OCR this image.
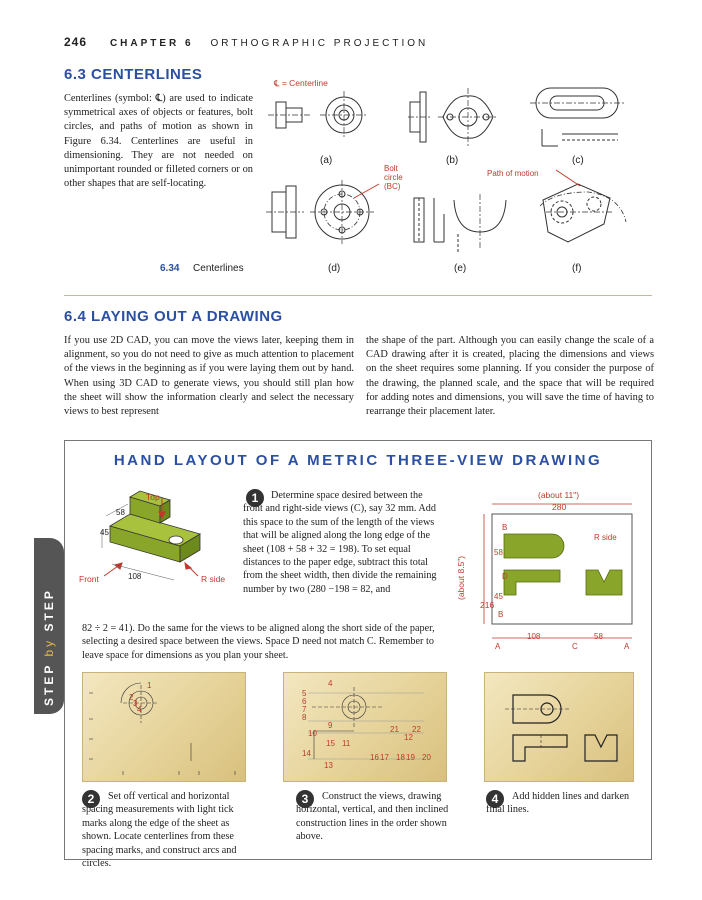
246 CHAPTER 6 ORTHOGRAPHIC PROJECTION
6.3 CENTERLINES
Centerlines (symbol: ℄) are used to indicate symmetrical axes of objects or features, bolt circles, and paths of motion as shown in Figure 6.34. Centerlines are useful in dimensioning. They are not needed on unimportant rounded or filleted corners or on other shapes that are self-locating.
℄ = Centerline
(a)	(b)	(c)
(d)	(e)	(f)
Bolt
circle
(BC)
Path of motion
6.34 Centerlines
6.4 LAYING OUT A DRAWING
If you use 2D CAD, you can move the views later, keeping them in alignment, so you do not need to give as much attention to placement of the views in the beginning as if you were laying them out by hand. When using 3D CAD to generate views, you should still plan how the sheet will show the information clearly and select the necessary views to best represent
the shape of the part. Although you can easily change the scale of a CAD drawing after it is created, placing the dimensions and views on the sheet requires some planning. If you consider the purpose of the drawing, the planned scale, and the space that will be required for adding notes and dimensions, you will save the time of having to rearrange their placement later.
STEP by STEP
HAND LAYOUT OF A METRIC THREE-VIEW DRAWING
Top
Front	R side
58
45
108
1	Determine space desired between the front and right-side views (C), say 32 mm. Add this space to the sum of the length of the views that will be aligned along the long edge of the sheet (108 + 58 + 32 = 198). To set equal distances to the paper edge, subtract this total from the sheet width, then divide the remaining number by two (280 −198 = 82, and
82 ÷ 2 = 41). Do the same for the views to be aligned along the short side of the paper, selecting a desired space between the views. Space D need not match C. Remember to leave space for dimensions as you plan your sheet.
(about 11")
280
(about 8.5")
216
B
R side
58
D
45
B
108	58
A	C	A
1
2
3
4
4
5
6
7
8
9
10
11
12
13
14
15
16 17 18 19 20
21 22
2	Set off vertical and horizontal spacing measurements with light tick marks along the edge of the sheet as shown. Locate centerlines from these spacing marks, and construct arcs and circles.
3	Construct the views, drawing horizontal, vertical, and then inclined construction lines in the order shown above.
4	Add hidden lines and darken final lines.
